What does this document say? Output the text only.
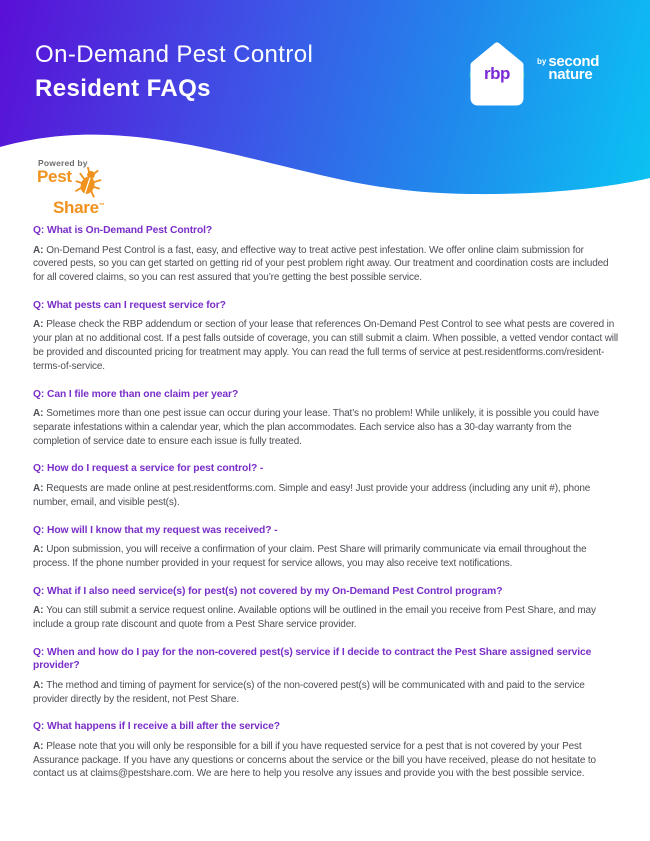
On-Demand Pest Control
Resident FAQs
rbp
by second
nature
Powered by
Pest
Share™
Q: What is On-Demand Pest Control?

A: On-Demand Pest Control is a fast, easy, and effective way to treat active pest infestation. We offer online claim submission for covered pests, so you can get started on getting rid of your pest problem right away. Our treatment and coordination costs are included for all covered claims, so you can rest assured that you’re getting the best possible service.

Q: What pests can I request service for?

A: Please check the RBP addendum or section of your lease that references On-Demand Pest Control to see what pests are covered in your plan at no additional cost. If a pest falls outside of coverage, you can still submit a claim. When possible, a vetted vendor contact will be provided and discounted pricing for treatment may apply. You can read the full terms of service at pest.residentforms.com/resident-terms-of-service.

Q: Can I file more than one claim per year?

A: Sometimes more than one pest issue can occur during your lease. That’s no problem! While unlikely, it is possible you could have separate infestations within a calendar year, which the plan accommodates. Each service also has a 30-day warranty from the completion of service date to ensure each issue is fully treated.

Q: How do I request a service for pest control? -

A: Requests are made online at pest.residentforms.com. Simple and easy! Just provide your address (including any unit #), phone number, email, and visible pest(s).

Q: How will I know that my request was received? -

A: Upon submission, you will receive a confirmation of your claim. Pest Share will primarily communicate via email throughout the process. If the phone number provided in your request for service allows, you may also receive text notifications.

Q: What if I also need service(s) for pest(s) not covered by my On-Demand Pest Control program?

A: You can still submit a service request online. Available options will be outlined in the email you receive from Pest Share, and may include a group rate discount and quote from a Pest Share service provider.

Q: When and how do I pay for the non-covered pest(s) service if I decide to contract the Pest Share assigned service provider?

A: The method and timing of payment for service(s) of the non-covered pest(s) will be communicated with and paid to the service provider directly by the resident, not Pest Share.

Q: What happens if I receive a bill after the service?

A: Please note that you will only be responsible for a bill if you have requested service for a pest that is not covered by your Pest Assurance package. If you have any questions or concerns about the service or the bill you have received, please do not hesitate to contact us at claims@pestshare.com. We are here to help you resolve any issues and provide you with the best possible service.
